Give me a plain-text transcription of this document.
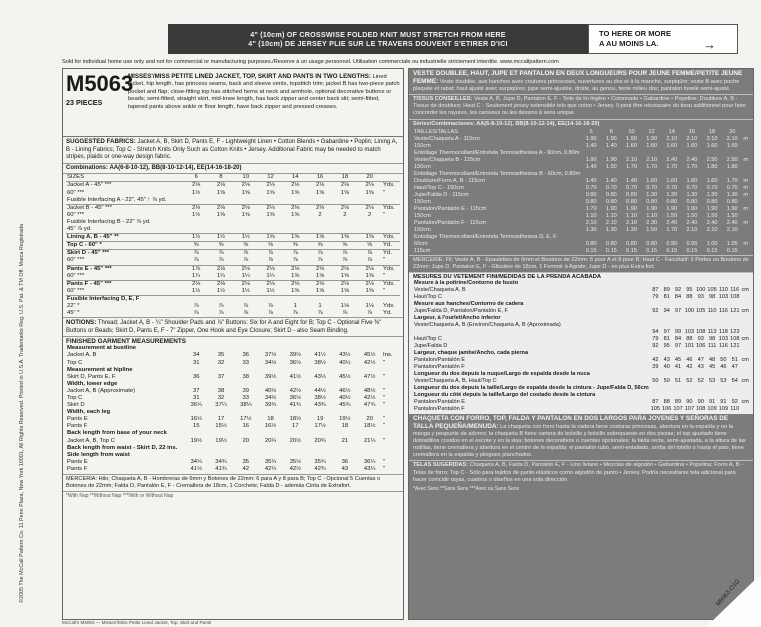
4" (10cm) OF CROSSWISE FOLDED KNIT MUST STRETCH FROM HERE
4" (10cm) DE JERSEY PLIE SUR LE TRAVERS DOUVENT S'ETIRER D'ICI
TO HERE OR MORE
A AU MOINS LA.	→
Sold for individual home use only and not for commercial or manufacturing purposes./Reserve à un usage personnel. Utilisation commerciale ou industrielle strictement interdite. www.mccallpattern.com
©2005 The McCall Pattern Co. 11 Penn Plaza, New York 10001, All Rights Reserved. Printed in U.S.A. Trademarks Reg. U.S. Pat. & TM Off. Marca Registrada
M5063
23 PIECES
MISSES'/MISS PETITE LINED JACKET, TOP, SKIRT AND PANTS IN TWO LENGTHS: Lined jacket, hip length, has princess seams, back and sleeve vents, topstitch trim; jacket B has two-piece patch pocket and flap; close-fitting top has stitched hems at neck and armhole, optional decorative buttons or beads; semi-fitted, straight skirt, mid-knee length, has back zipper and center back slit; semi-fitted, tapered pants above ankle or floor length, have back zipper and pressed creases.
SUGGESTED FABRICS: Jacket A, B, Skirt D, Pants E, F - Lightweight Linen • Cotton Blends • Gabardine • Poplin; Lining A, B - Lining Fabrics; Top C - Stretch Knits Only Such as Cotton Knits • Jersey. Additional Fabric may be needed to match stripes, plaids or one-way design fabric.
Combinations: AA(6-8-10-12), BB(8-10-12-14), EE(14-16-18-20)
SIZES	6	8	10	12	14	16	18	20	
Jacket A - 45" ***	2⅛	2⅛	2⅛	2⅛	2⅛	2⅛	2⅛	2⅛	Yds.
60" ***	1½	1⅝	1⅝	1⅝	1⅝	1⅝	1⅝	1⅝	"
Fusible Interfacing A - 22", 45" ↑ ⅞ yd.									
Jacket B - 45" ***	2⅛	2⅛	2⅛	2⅛	2⅛	2⅛	2⅛	2⅛	Yds.
60" ***	1½	1⅝	1⅝	1⅝	1⅝	2	2	2	"
Fusible Interfacing B - 22" ⅞ yd.									
45" ⅞ yd.									
Lining A, B - 45" **	1½	1½	1½	1⅝	1⅝	1⅝	1⅝	1⅝	Yds.
Top C - 60" *	⅝	⅝	⅝	⅝	⅝	⅝	⅝	⅝	Yd.
Skirt D - 45" ***	⅞	⅞	⅞	⅞	⅞	⅞	⅞	⅞	Yd.
60" ***	⅞	⅞	⅞	⅞	⅞	⅞	⅞	⅞	"
Pants E - 45" ***	1⅞	2⅛	2⅛	2⅛	2⅛	2⅛	2⅛	2⅛	Yds.
60" ***	1¼	1¼	1¼	1¼	1⅝	1⅝	1⅝	1⅝	"
Pants F - 45" ***	2⅛	2⅛	2⅛	2⅛	2⅛	2⅛	2⅛	2⅛	Yds.
60" ***	1½	1½	1½	1½	1⅝	1⅝	1⅝	1⅝	"
Fusible Interfacing D, E, F									
22" *	⅞	⅞	⅞	⅞	1	1	1⅛	1⅛	Yds.
45" *	⅞	⅞	⅞	⅞	⅞	⅞	⅞	⅞	Yd.
NOTIONS: Thread; Jacket A, B - ¼" Shoulder Pads and ⅞" Buttons: Six for A and Eight for B; Top C - Optional Five ⅜" Buttons or Beads; Skirt D, Pants E, F - 7" Zipper, One Hook and Eye Closure; Skirt D - also Seam Binding.
FINISHED GARMENT MEASUREMENTS
Measurement at bustline									
Jacket A, B	34	35	36	37½	39½	41½	43½	45½	Ins.
Top C	31	32	33	34½	36½	38½	40½	42½	"
Measurement at hipline									
Skirt D, Pants E, F	36	37	38	39½	41½	43½	45½	47½	"
Width, lower edge									
Jacket A, B (Approximate)	37	38	39	40½	42½	44½	46½	48½	"
Top C	31	32	33	34½	36½	38½	40½	42½	"
Skirt D	36¼	37¼	38¼	39¾	41¾	43¾	45¾	47¾	"
Width, each leg									
Pants E	16½	17	17½	18	18½	19	19½	20	"
Pants F	15	15½	16	16½	17	17½	18	18½	"
Back length from base of your neck									
Jacket A, B, Top C	19½	19½	20	20¼	20½	20¾	21	21¼	"
Back length from waist - Skirt D, 22 ins.									
Side length from waist									
Pants E	34¼	34¾	35	35¼	35½	35¾	36	36¼	"
Pants F	41½	41¾	42	42¼	42½	42¾	43	43¼	"
MERCERIA: Hilo; Chaqueta A, B - Hombreras de 6mm y Botones de 22mm: 6 para A y 8 para B; Top C - Opcional 5 Cuentas o Botones de 22mm; Falda D, Pantalón E, F - Cremallera de 18cm, 1 Corchete; Falda D - además Cinta de Extrafort.
*With Nap **Without Nap ***With or Without Nap
VESTE DOUBLEE, HAUT, JUPE ET PANTALON EN DEUX LONGUEURS POUR JEUNE FEMME/PETITE JEUNE FEMME: Veste doublée, aux hanches avec coutures princesses, ouvertures au dos et à la manche, surpiqûre; veste B avec poche plaquée et rabat; haut ajusté avec surpiqûres; jupe semi-ajustée, droite, au genou, fente milieu dos; pantalon fuselé semi-ajusté.
TISSUS CONSEILLES: Veste A, B, Jupe D, Pantalon E, F - Toile de lin légère • Cotonnade • Gabardine • Popeline; Doublure A, B - Tissus de doublure; Haut C - Seulement jersey extensible tels que coton • Jersey. Il peut être nécessaire du tissu additionnel pour faire concorder les rayures, les carreaux ou les dessins à sens unique.
Séries/Combinaciones: AA(6-8-10-12), BB(8-10-12-14), EE(14-16-18-20)
TAILLES/TALLAS	6	8	10	12	14	16	18	20	
Veste/Chaqueta A - 115cm	1.90	1.90	1.90	1.90	2.10	2.10	2.10	2.10	m
150cm	1.40	1.40	1.60	1.60	1.60	1.60	1.60	1.60	
Entoilage Thermocollant/Entretela Termoadhesiva A - 90cm, 0.80m									
Veste/Chaqueta B - 115cm	1.90	1.90	2.10	2.10	2.40	2.40	2.50	2.50	m
150cm	1.40	1.50	1.70	1.70	1.70	1.70	1.80	1.80	
Entoilage Thermocollant/Entretela Termoadhesiva B - 60cm, 0.80m									
Doublure/Forro A, B - 115cm	1.40	1.40	1.40	1.60	1.60	1.60	1.60	1.70	m
Haut/Top C - 150cm	0.70	0.70	0.70	0.70	0.70	0.70	0.70	0.70	m
Jupe/Falda D - 115cm	0.80	0.80	0.80	1.30	1.30	1.30	1.30	1.30	m
150cm	0.80	0.80	0.80	0.80	0.80	0.80	0.80	0.80	
Pantalon/Pantalón E - 115cm	1.70	1.90	1.90	1.90	1.90	1.90	1.90	1.90	m
150cm	1.10	1.10	1.10	1.10	1.50	1.50	1.50	1.50	
Pantalon/Pantalón F - 115cm	2.10	2.10	2.10	2.30	2.40	2.40	2.40	2.40	m
150cm	1.30	1.30	1.30	1.50	1.70	2.10	2.10	2.10	
Entoilage Thermocollant/Entretela Termoadhesiva D, E, F									
60cm	0.80	0.80	0.80	0.80	0.90	0.95	1.00	1.05	m
115cm	0.15	0.15	0.15	0.15	0.15	0.15	0.15	0.15	
MERCERIE: Fil; Veste A, B - Epaulettes de 6mm et Boutons de 22mm: 6 pour A et 8 pour B; Haut C - Facultatif: 5 Perles ou Boutons de 22mm; Jupe D, Pantalon E, F - Glissière de 18cm, 1 Fermoir à Agrafe; Jupe D - en plus Extra fort.
MESURES DU VETEMENT FINI/MEDIDAS DE LA PRENDA ACABADA
Mesure à la poitrine/Contorno de busto									
Veste/Chaqueta A, B	87	89	92	95	100	105	110	116	cm
Haut/Top C	79	81	84	88	93	98	103	108	
Mesure aux hanches/Contorno de cadera									
Jupe/Falda D, Pantalon/Pantalón E, F	92	94	97	100	105	110	116	121	cm
Largeur, à l'ourlet/Ancho inferior									
Veste/Chaqueta A, B (Environ/Chaqueta A, B (Aproximada)									
	94	97	99	103	108	113	118	123	
Haut/Top C	79	81	84	88	93	98	103	108	cm
Jupe/Falda D	92	95	97	101	106	111	116	121	
Largeur, chaque jambe/Ancho, cada pierna									
Pantalon/Pantalón E	42	43	45	46	47	48	50	51	cm
Pantalon/Pantalón F	39	40	41	42	43	45	46	47	
Longueur du dos depuis la nuque/Largo de espalda desde la nuca									
Veste/Chaqueta A, B, Haut/Top C	50	50	51	52	52	53	53	54	cm
Longueur du dos depuis la taille/Largo de espalda desde la cintura - Jupe/Falda D, 56cm									
Longueur du côté depuis la taille/Largo del costado desde la cintura									
Pantalon/Pantalón E	87	88	89	90	90	91	91	92	cm
Pantalon/Pantalón F	105	106	107	107	108	109	109	110	
CHAQUETA CON FORRO, TOP, FALDA Y PANTALON EN DOS LARGOS PARA JOVENES Y SEÑORAS DE TALLA PEQUEÑA/MENUDA: La chaqueta con forro hasta la cadera tiene costuras princesas, abertura en la espalda y en la manga y pespunte de adorno; la chaqueta B tiene cartera de bolsillo y bolsillo sobrepuesto en dos piezas; el top ajustado tiene dobladillos cosidos en el escote y en la sisa; botones decorativos o cuentas opcionales; la falda recta, semi-ajustada, a la altura de las rodillas, tiene cremallera y abertura en el centro de la espalda; el pantalón tubo, semi-entallado, arriba del tobillo o hasta el piso, tiene cremallera en la espalda y pliegues planchados.
TELAS SUGERIDAS: Chaqueta A, B, Falda D, Pantalón E, F - Lino liviano • Mezclas de algodón • Gabardina • Popelina; Forro A, B - Telas de forro; Top C - Sólo para tejidos de punto elásticos como algodón de punto • Jersey. Podría necesitarse tela adicional para hacer coincidir rayas, cuadros o diseños en una sola dirección.
*Avec Sens **Sans Sens ***Avec ou Sans Sens
M5063-O1G
McCall's M5063 — Misses'/Miss Petite Lined Jacket, Top, Skirt and Pants
